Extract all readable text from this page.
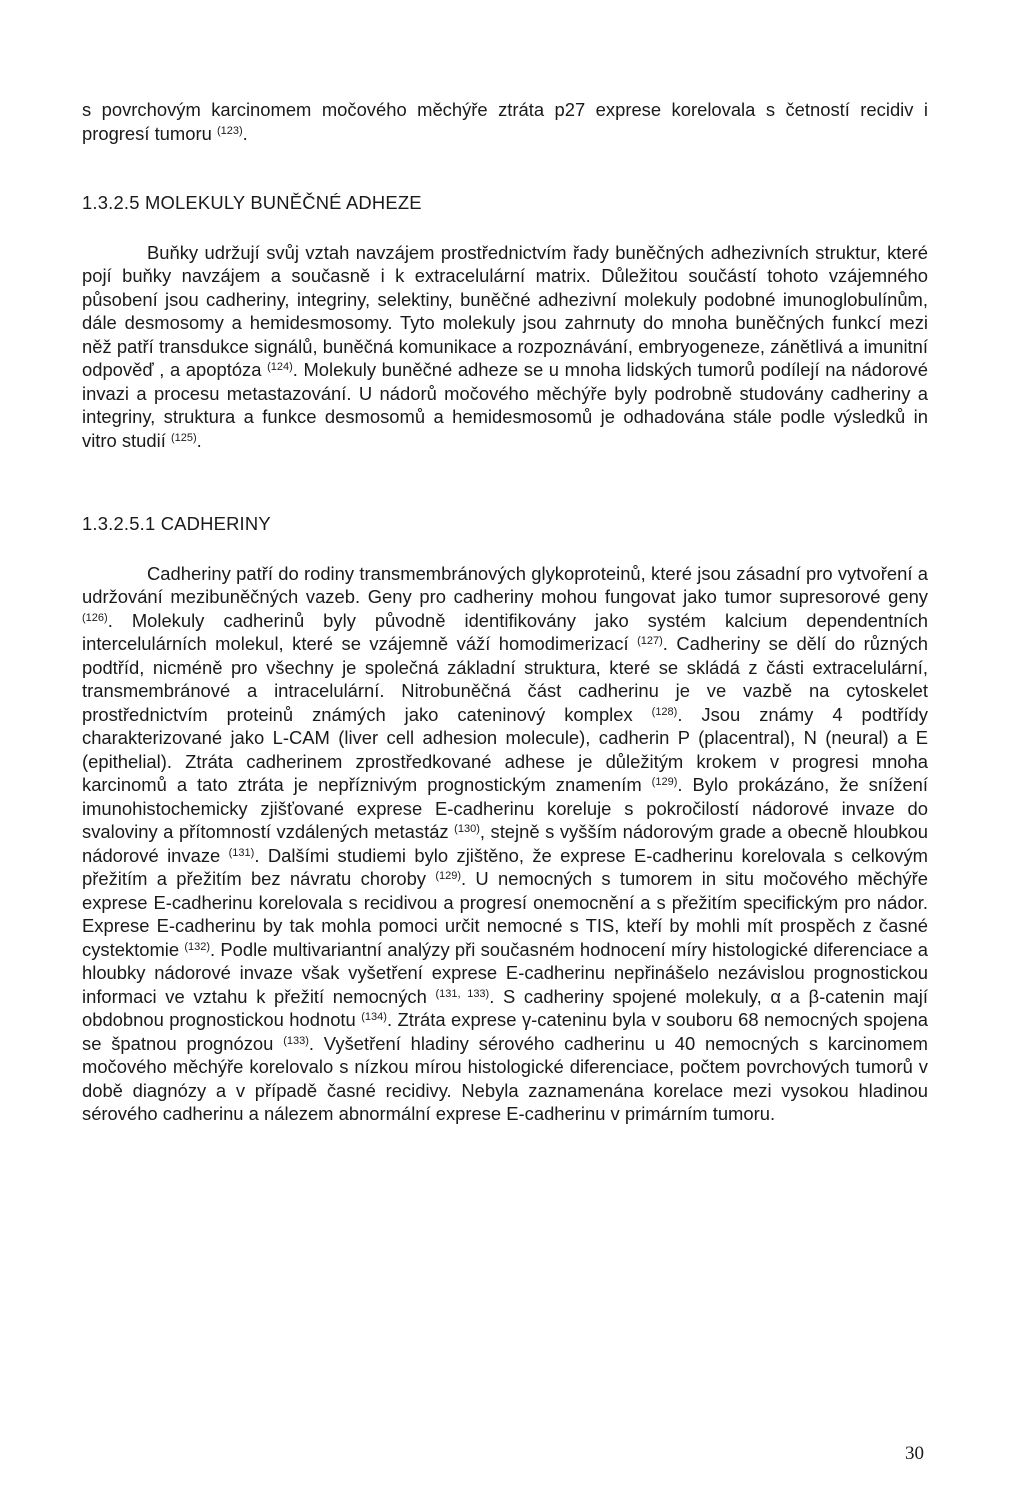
s povrchovým karcinomem močového měchýře ztráta p27 exprese korelovala s četností recidiv i progresí tumoru $^{(123)}$.

1.3.2.5 MOLEKULY BUNĚČNÉ ADHEZE

Buňky udržují svůj vztah navzájem prostřednictvím řady buněčných adhezivních struktur, které pojí buňky navzájem a současně i k extracelulární matrix. Důležitou součástí tohoto vzájemného působení jsou cadheriny, integriny, selektiny, buněčné adhezivní molekuly podobné imunoglobulínům, dále desmosomy a hemidesmosomy. Tyto molekuly jsou zahrnuty do mnoha buněčných funkcí mezi něž patří transdukce signálů, buněčná komunikace a rozpoznávání, embryogeneze, zánětlivá a imunitní odpověď , a apoptóza $^{(124)}$. Molekuly buněčné adheze se u mnoha lidských tumorů podílejí na nádorové invazi a procesu metastazování. U nádorů močového měchýře byly podrobně studovány cadheriny a integriny, struktura a funkce desmosomů a hemidesmosomů je odhadována stále podle výsledků in vitro studií $^{(125)}$.

1.3.2.5.1 CADHERINY

Cadheriny patří do rodiny transmembránových glykoproteinů, které jsou zásadní pro vytvoření a udržování mezibuněčných vazeb. Geny pro cadheriny mohou fungovat jako tumor supresorové geny $^{(126)}$. Molekuly cadherinů byly původně identifikovány jako systém kalcium dependentních intercelulárních molekul, které se vzájemně váží homodimerizací $^{(127)}$. Cadheriny se dělí do různých podtříd, nicméně pro všechny je společná základní struktura, které se skládá z části extracelulární, transmembránové a intracelulární. Nitrobuněčná část cadherinu je ve vazbě na cytoskelet prostřednictvím proteinů známých jako cateninový komplex $^{(128)}$. Jsou známy 4 podtřídy charakterizované jako L-CAM (liver cell adhesion molecule), cadherin P (placentral), N (neural) a E (epithelial). Ztráta cadherinem zprostředkované adhese je důležitým krokem v progresi mnoha karcinomů a tato ztráta je nepříznivým prognostickým znamením $^{(129)}$. Bylo prokázáno, že snížení imunohistochemicky zjišťované exprese E-cadherinu koreluje s pokročilostí nádorové invaze do svaloviny a přítomností vzdálených metastáz $^{(130)}$, stejně s vyšším nádorovým grade a obecně hloubkou nádorové invaze $^{(131)}$. Dalšími studiemi bylo zjištěno, že exprese E-cadherinu korelovala s celkovým přežitím a přežitím bez návratu choroby $^{(129)}$. U nemocných s tumorem in situ močového měchýře exprese E-cadherinu korelovala s recidivou a progresí onemocnění a s přežitím specifickým pro nádor. Exprese E-cadherinu by tak mohla pomoci určit nemocné s TIS, kteří by mohli mít prospěch z časné cystektomie $^{(132)}$. Podle multivariantní analýzy při současném hodnocení míry histologické diferenciace a hloubky nádorové invaze však vyšetření exprese E-cadherinu nepřinášelo nezávislou prognostickou informaci ve vztahu k přežití nemocných $^{(131, 133)}$. S cadheriny spojené molekuly, α a β-catenin mají obdobnou prognostickou hodnotu $^{(134)}$. Ztráta exprese γ-cateninu byla v souboru 68 nemocných spojena se špatnou prognózou $^{(133)}$. Vyšetření hladiny sérového cadherinu u 40 nemocných s karcinomem močového měchýře korelovalo s nízkou mírou histologické diferenciace, počtem povrchových tumorů v době diagnózy a v případě časné recidivy. Nebyla zaznamenána korelace mezi vysokou hladinou sérového cadherinu a nálezem abnormální exprese E-cadherinu v primárním tumoru.

30
